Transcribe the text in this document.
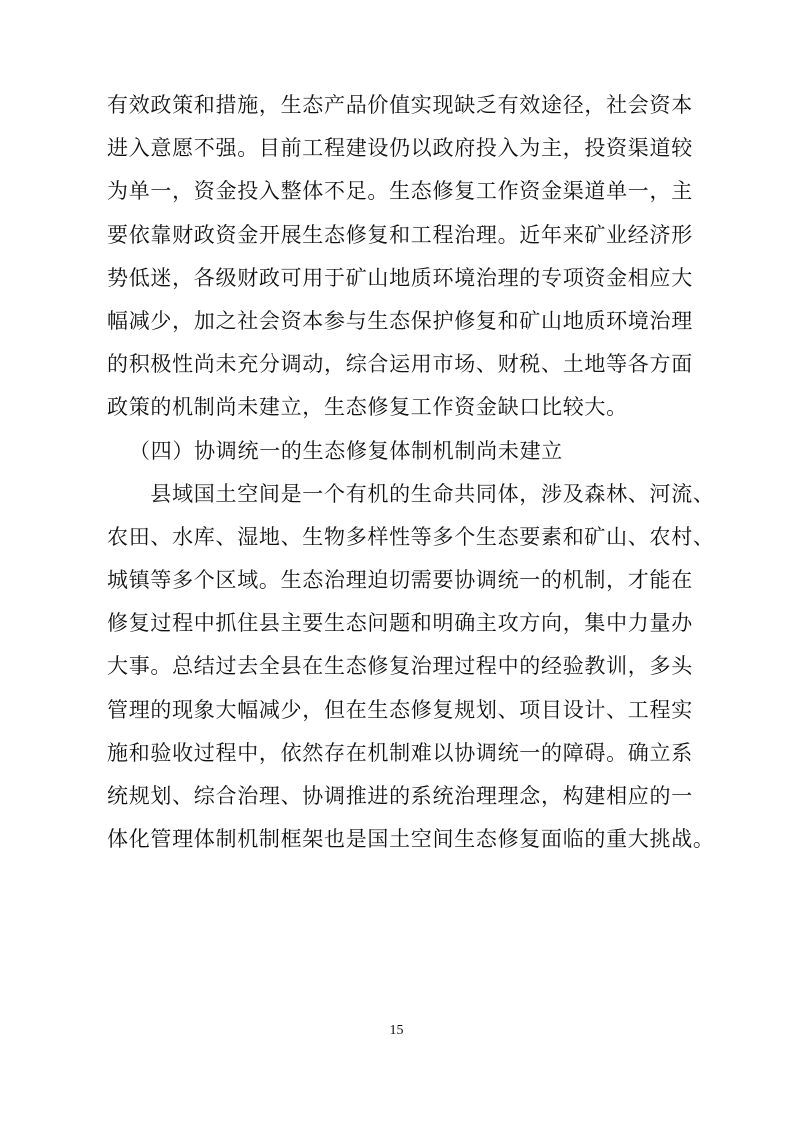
有效政策和措施，生态产品价值实现缺乏有效途径，社会资本
进入意愿不强。目前工程建设仍以政府投入为主，投资渠道较
为单一，资金投入整体不足。生态修复工作资金渠道单一，主
要依靠财政资金开展生态修复和工程治理。近年来矿业经济形
势低迷，各级财政可用于矿山地质环境治理的专项资金相应大
幅减少，加之社会资本参与生态保护修复和矿山地质环境治理
的积极性尚未充分调动，综合运用市场、财税、土地等各方面
政策的机制尚未建立，生态修复工作资金缺口比较大。
（四）协调统一的生态修复体制机制尚未建立
县域国土空间是一个有机的生命共同体，涉及森林、河流、
农田、水库、湿地、生物多样性等多个生态要素和矿山、农村、
城镇等多个区域。生态治理迫切需要协调统一的机制，才能在
修复过程中抓住县主要生态问题和明确主攻方向，集中力量办
大事。总结过去全县在生态修复治理过程中的经验教训，多头
管理的现象大幅减少，但在生态修复规划、项目设计、工程实
施和验收过程中，依然存在机制难以协调统一的障碍。确立系
统规划、综合治理、协调推进的系统治理理念，构建相应的一
体化管理体制机制框架也是国土空间生态修复面临的重大挑战。
15
